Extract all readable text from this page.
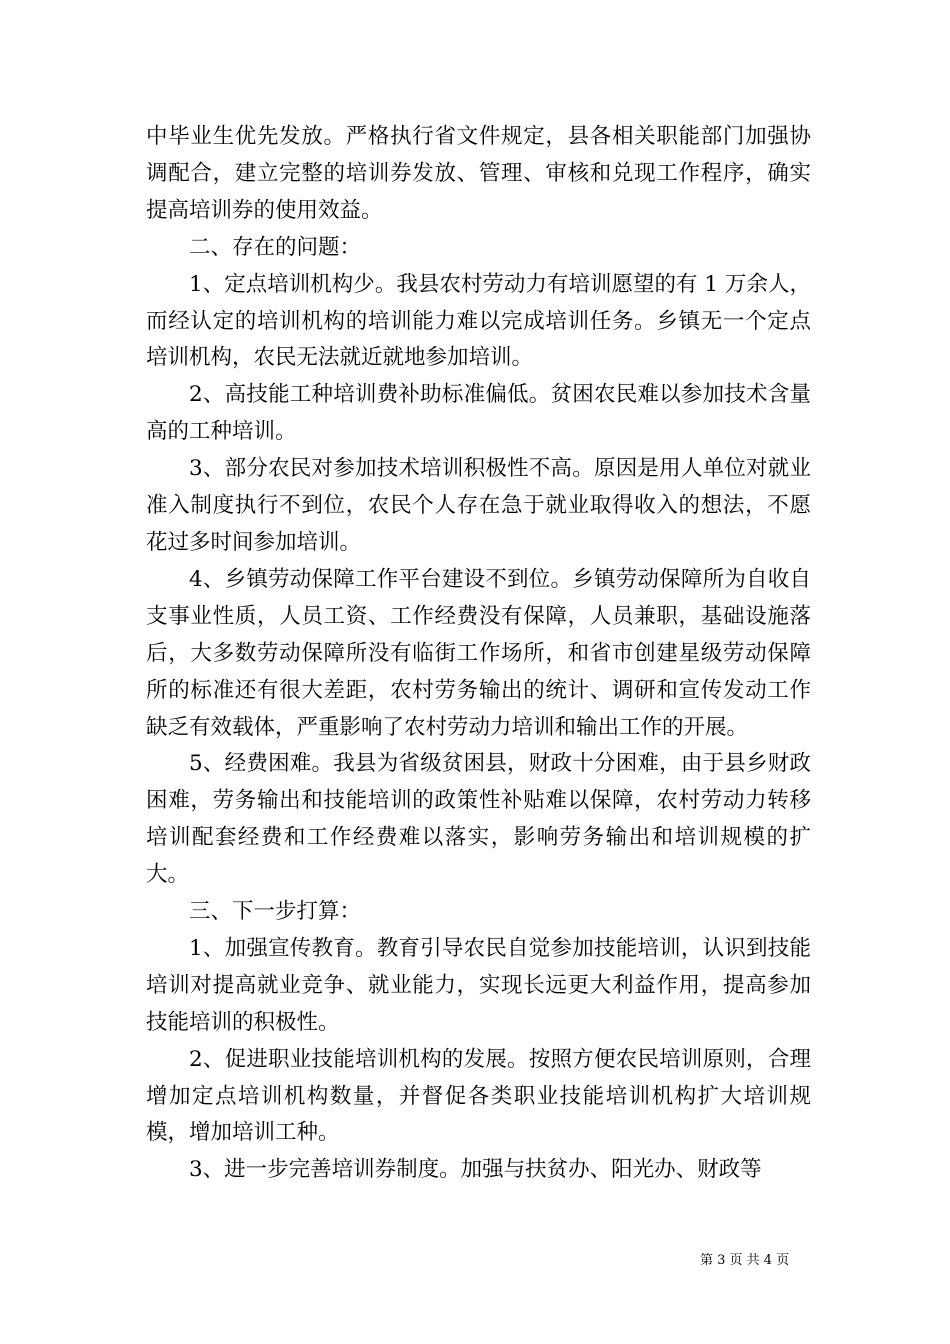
中毕业生优先发放。严格执行省文件规定，县各相关职能部门加强协调配合，建立完整的培训券发放、管理、审核和兑现工作程序，确实提高培训券的使用效益。

二、存在的问题：

1、定点培训机构少。我县农村劳动力有培训愿望的有 1 万余人，而经认定的培训机构的培训能力难以完成培训任务。乡镇无一个定点培训机构，农民无法就近就地参加培训。

2、高技能工种培训费补助标准偏低。贫困农民难以参加技术含量高的工种培训。

3、部分农民对参加技术培训积极性不高。原因是用人单位对就业准入制度执行不到位，农民个人存在急于就业取得收入的想法，不愿花过多时间参加培训。

4、乡镇劳动保障工作平台建设不到位。乡镇劳动保障所为自收自支事业性质，人员工资、工作经费没有保障，人员兼职，基础设施落后，大多数劳动保障所没有临街工作场所，和省市创建星级劳动保障所的标准还有很大差距，农村劳务输出的统计、调研和宣传发动工作缺乏有效载体，严重影响了农村劳动力培训和输出工作的开展。

5、经费困难。我县为省级贫困县，财政十分困难，由于县乡财政困难，劳务输出和技能培训的政策性补贴难以保障，农村劳动力转移培训配套经费和工作经费难以落实，影响劳务输出和培训规模的扩大。

三、下一步打算：

1、加强宣传教育。教育引导农民自觉参加技能培训，认识到技能培训对提高就业竞争、就业能力，实现长远更大利益作用，提高参加技能培训的积极性。

2、促进职业技能培训机构的发展。按照方便农民培训原则，合理增加定点培训机构数量，并督促各类职业技能培训机构扩大培训规模，增加培训工种。

3、进一步完善培训券制度。加强与扶贫办、阳光办、财政等

第 3 页 共 4 页
